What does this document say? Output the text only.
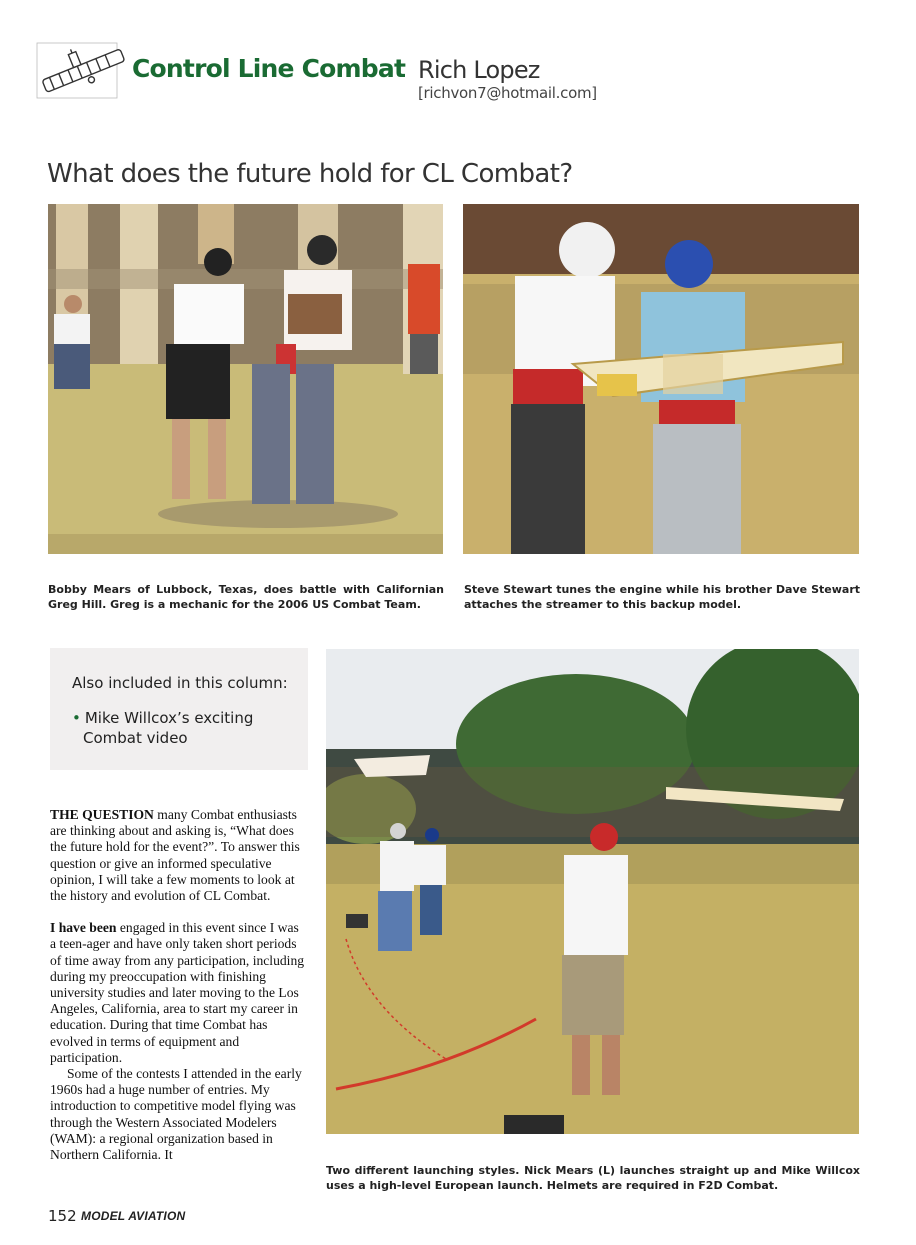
Control Line Combat Rich Lopez
[richvon7@hotmail.com]
What does the future hold for CL Combat?
Bobby Mears of Lubbock, Texas, does battle with Californian Greg Hill. Greg is a mechanic for the 2006 US Combat Team.
Steve Stewart tunes the engine while his brother Dave Stewart attaches the streamer to this backup model.
Also included in this column:
• Mike Willcox’s exciting
Combat video
Two different launching styles. Nick Mears (L) launches straight up and Mike Willcox uses a high-level European launch. Helmets are required in F2D Combat.

THE QUESTION many Combat enthusiasts are thinking about and asking is, “What does the future hold for the event?”. To answer this question or give an informed speculative opinion, I will take a few moments to look at the history and evolution of CL Combat.

I have been engaged in this event since I was a teen-ager and have only taken short periods of time away from any participation, including during my preoccupation with finishing university studies and later moving to the Los Angeles, California, area to start my career in education. During that time Combat has evolved in terms of equipment and participation.

Some of the contests I attended in the early 1960s had a huge number of entries. My introduction to competitive model flying was through the Western Associated Modelers (WAM): a regional organization based in Northern California. It

152 MODEL AVIATION
